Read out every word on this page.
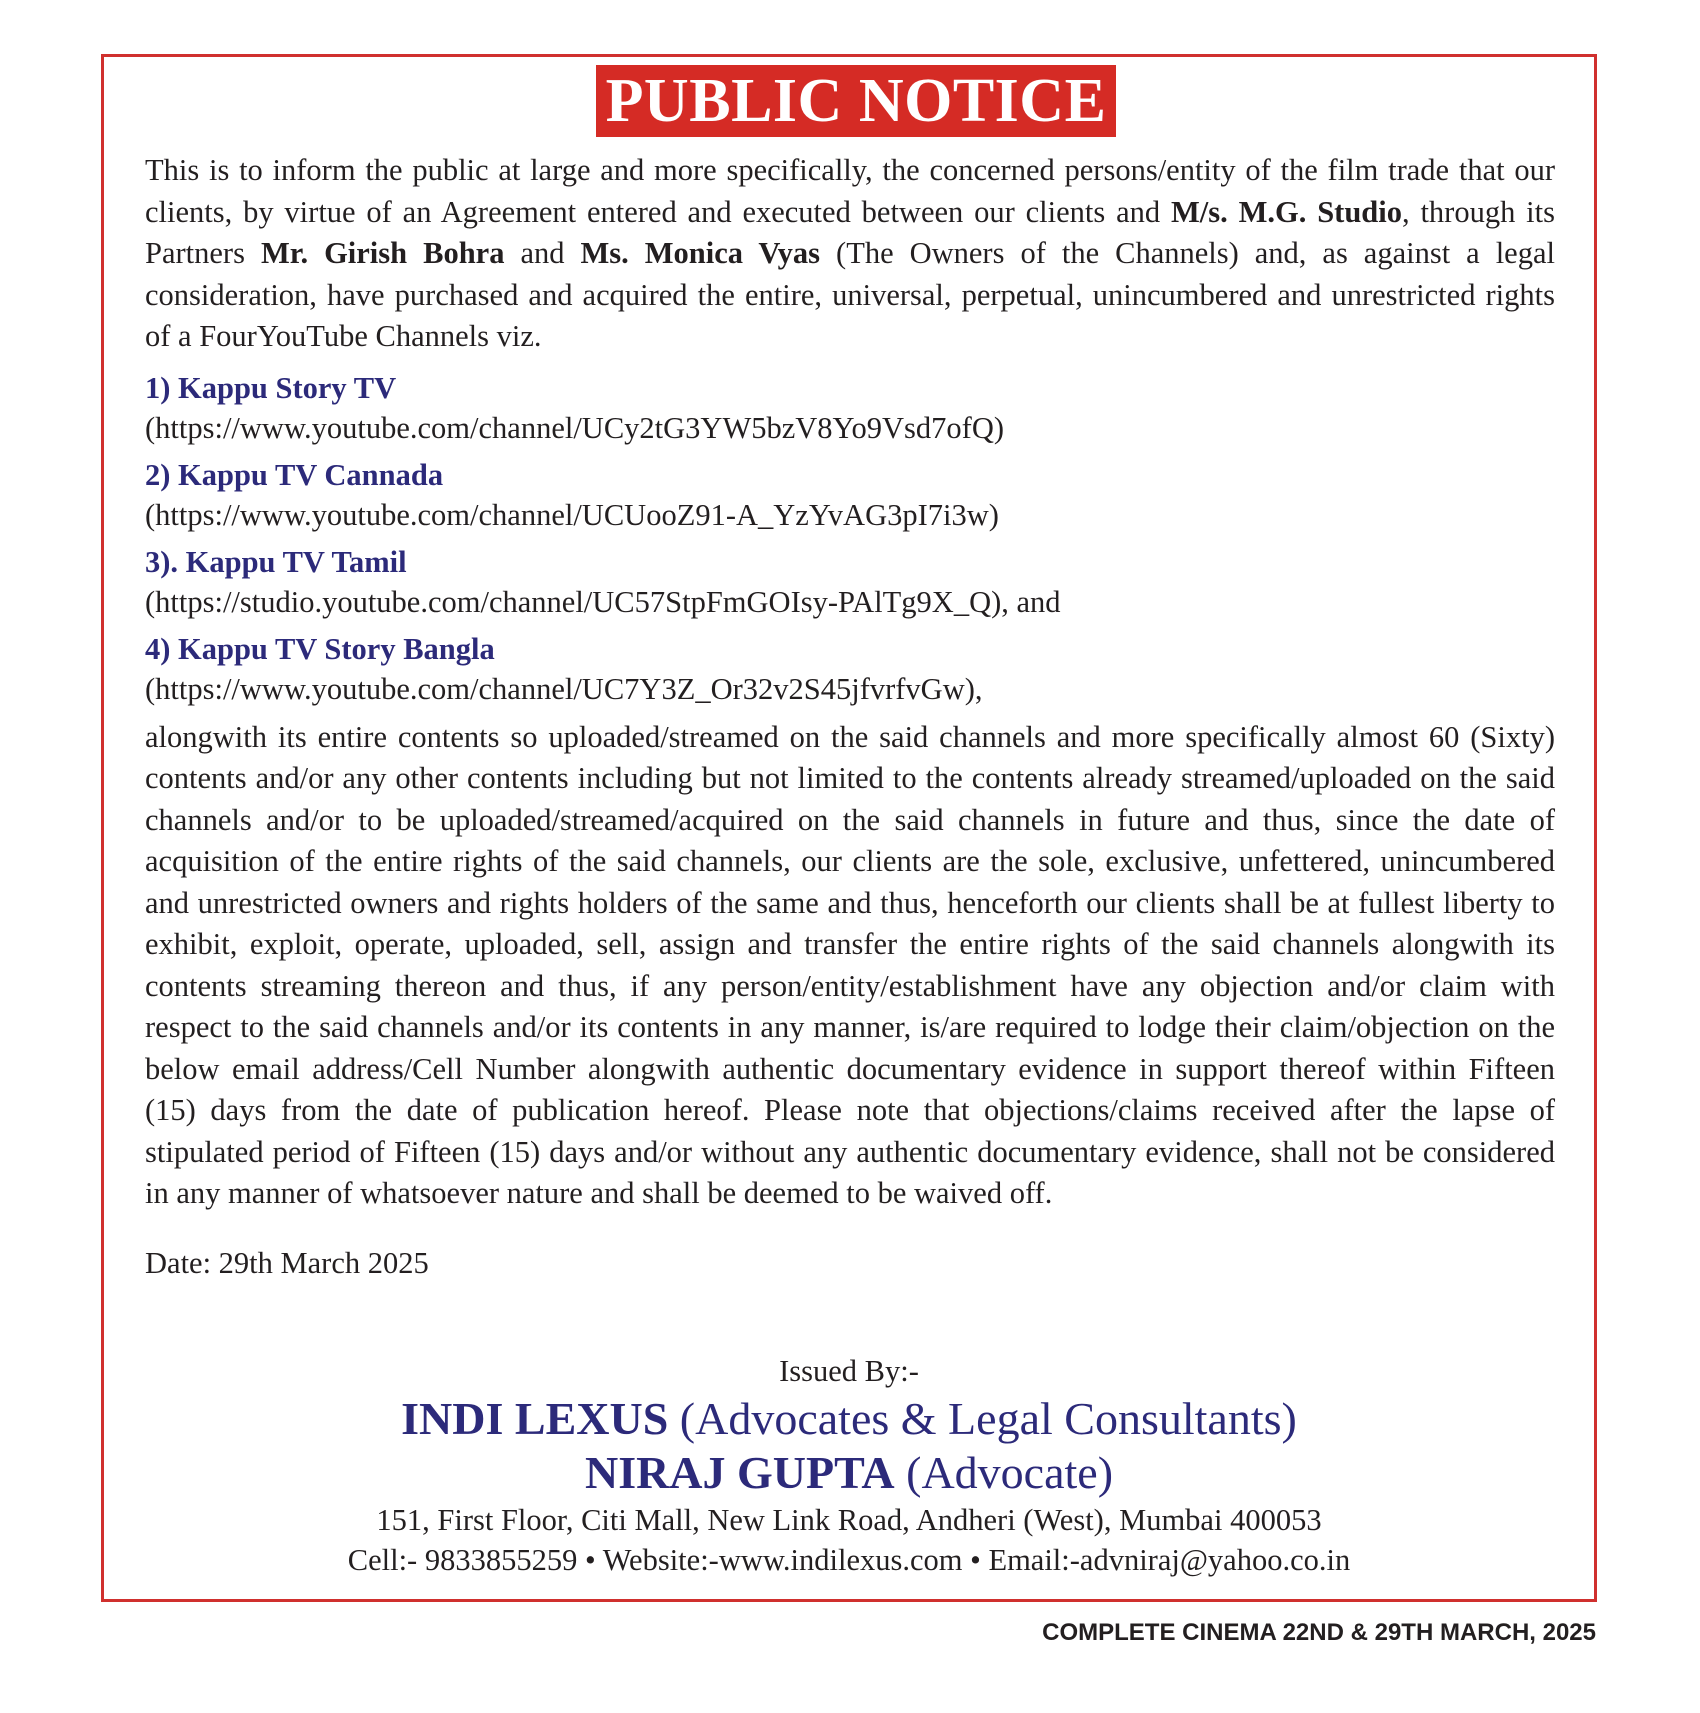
PUBLIC NOTICE

This is to inform the public at large and more specifically, the concerned persons/entity of the film trade that our clients, by virtue of an Agreement entered and executed between our clients and M/s. M.G. Studio, through its Partners Mr. Girish Bohra and Ms. Monica Vyas (The Owners of the Channels) and, as against a legal consideration, have purchased and acquired the entire, universal, perpetual, unincumbered and unrestricted rights of a FourYouTube Channels viz.

1) Kappu Story TV
(https://www.youtube.com/channel/UCy2tG3YW5bzV8Yo9Vsd7ofQ)
2) Kappu TV Cannada
(https://www.youtube.com/channel/UCUooZ91-A_YzYvAG3pI7i3w)
3). Kappu TV Tamil
(https://studio.youtube.com/channel/UC57StpFmGOIsy-PAlTg9X_Q), and
4) Kappu TV Story Bangla
(https://www.youtube.com/channel/UC7Y3Z_Or32v2S45jfvrfvGw),

alongwith its entire contents so uploaded/streamed on the said channels and more specifically almost 60 (Sixty) contents and/or any other contents including but not limited to the contents already streamed/uploaded on the said channels and/or to be uploaded/streamed/acquired on the said channels in future and thus, since the date of acquisition of the entire rights of the said channels, our clients are the sole, exclusive, unfettered, unincumbered and unrestricted owners and rights holders of the same and thus, henceforth our clients shall be at fullest liberty to exhibit, exploit, operate, uploaded, sell, assign and transfer the entire rights of the said channels alongwith its contents streaming thereon and thus, if any person/entity/establishment have any objection and/or claim with respect to the said channels and/or its contents in any manner, is/are required to lodge their claim/objection on the below email address/Cell Number alongwith authentic documentary evidence in support thereof within Fifteen (15) days from the date of publication hereof. Please note that objections/claims received after the lapse of stipulated period of Fifteen (15) days and/or without any authentic documentary evidence, shall not be considered in any manner of whatsoever nature and shall be deemed to be waived off.

Date: 29th March 2025
Issued By:-
INDI LEXUS (Advocates & Legal Consultants)
NIRAJ GUPTA (Advocate)
151, First Floor, Citi Mall, New Link Road, Andheri (West), Mumbai 400053
Cell:- 9833855259 • Website:-www.indilexus.com • Email:-advniraj@yahoo.co.in
COMPLETE CINEMA 22ND & 29TH MARCH, 2025
